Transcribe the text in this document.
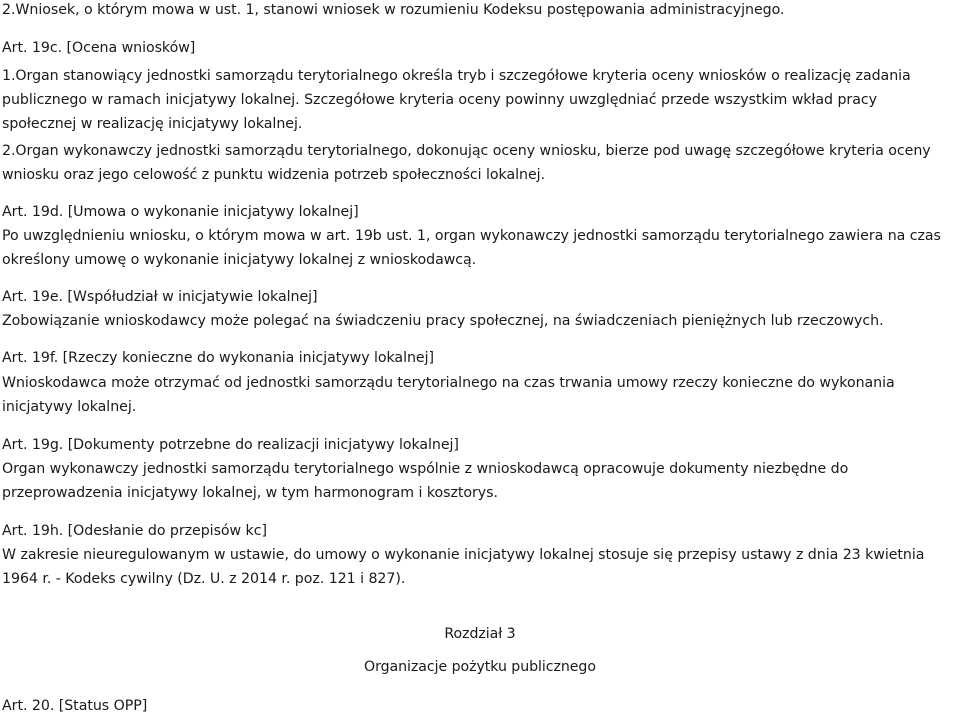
2.Wniosek, o którym mowa w ust. 1, stanowi wniosek w rozumieniu Kodeksu postępowania administracyjnego.
Art. 19c. [Ocena wniosków]
1.Organ stanowiący jednostki samorządu terytorialnego określa tryb i szczegółowe kryteria oceny wniosków o realizację zadania
publicznego w ramach inicjatywy lokalnej. Szczegółowe kryteria oceny powinny uwzględniać przede wszystkim wkład pracy
społecznej w realizację inicjatywy lokalnej.
2.Organ wykonawczy jednostki samorządu terytorialnego, dokonując oceny wniosku, bierze pod uwagę szczegółowe kryteria oceny
wniosku oraz jego celowość z punktu widzenia potrzeb społeczności lokalnej.
Art. 19d. [Umowa o wykonanie inicjatywy lokalnej]
Po uwzględnieniu wniosku, o którym mowa w art. 19b ust. 1, organ wykonawczy jednostki samorządu terytorialnego zawiera na czas
określony umowę o wykonanie inicjatywy lokalnej z wnioskodawcą.
Art. 19e. [Współudział w inicjatywie lokalnej]
Zobowiązanie wnioskodawcy może polegać na świadczeniu pracy społecznej, na świadczeniach pieniężnych lub rzeczowych.
Art. 19f. [Rzeczy konieczne do wykonania inicjatywy lokalnej]
Wnioskodawca może otrzymać od jednostki samorządu terytorialnego na czas trwania umowy rzeczy konieczne do wykonania
inicjatywy lokalnej.
Art. 19g. [Dokumenty potrzebne do realizacji inicjatywy lokalnej]
Organ wykonawczy jednostki samorządu terytorialnego wspólnie z wnioskodawcą opracowuje dokumenty niezbędne do
przeprowadzenia inicjatywy lokalnej, w tym harmonogram i kosztorys.
Art. 19h. [Odesłanie do przepisów kc]
W zakresie nieuregulowanym w ustawie, do umowy o wykonanie inicjatywy lokalnej stosuje się przepisy ustawy z dnia 23 kwietnia
1964 r. - Kodeks cywilny (Dz. U. z 2014 r. poz. 121 i 827).
Rozdział 3
Organizacje pożytku publicznego
Art. 20. [Status OPP]
